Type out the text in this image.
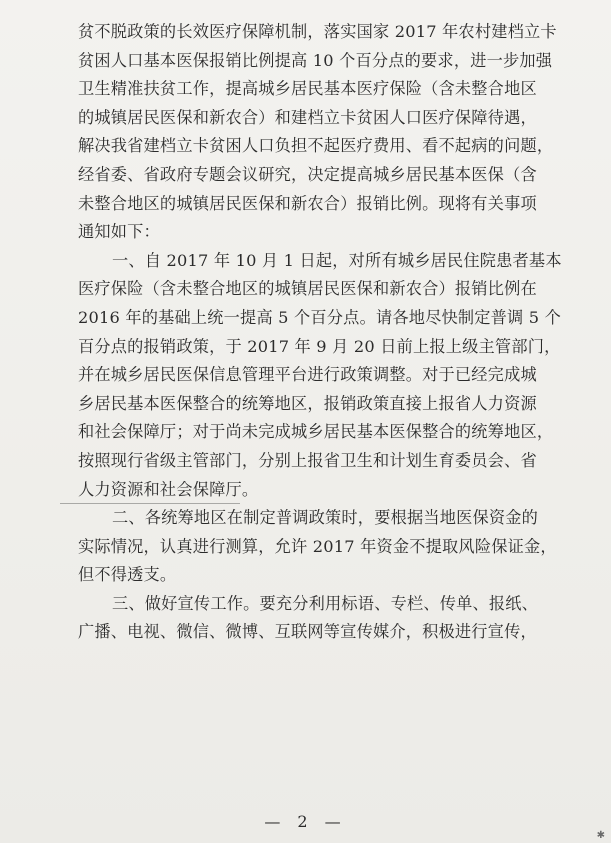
贫不脱政策的长效医疗保障机制，落实国家 2017 年农村建档立卡
贫困人口基本医保报销比例提高 10 个百分点的要求，进一步加强
卫生精准扶贫工作，提高城乡居民基本医疗保险（含未整合地区
的城镇居民医保和新农合）和建档立卡贫困人口医疗保障待遇，
解决我省建档立卡贫困人口负担不起医疗费用、看不起病的问题，
经省委、省政府专题会议研究，决定提高城乡居民基本医保（含
未整合地区的城镇居民医保和新农合）报销比例。现将有关事项
通知如下：
一、自 2017 年 10 月 1 日起，对所有城乡居民住院患者基本
医疗保险（含未整合地区的城镇居民医保和新农合）报销比例在
2016 年的基础上统一提高 5 个百分点。请各地尽快制定普调 5 个
百分点的报销政策，于 2017 年 9 月 20 日前上报上级主管部门，
并在城乡居民医保信息管理平台进行政策调整。对于已经完成城
乡居民基本医保整合的统筹地区，报销政策直接上报省人力资源
和社会保障厅；对于尚未完成城乡居民基本医保整合的统筹地区，
按照现行省级主管部门，分别上报省卫生和计划生育委员会、省
人力资源和社会保障厅。
二、各统筹地区在制定普调政策时，要根据当地医保资金的
实际情况，认真进行测算，允许 2017 年资金不提取风险保证金，
但不得透支。
三、做好宣传工作。要充分利用标语、专栏、传单、报纸、
广播、电视、微信、微博、互联网等宣传媒介，积极进行宣传，
— 2 —
✱
